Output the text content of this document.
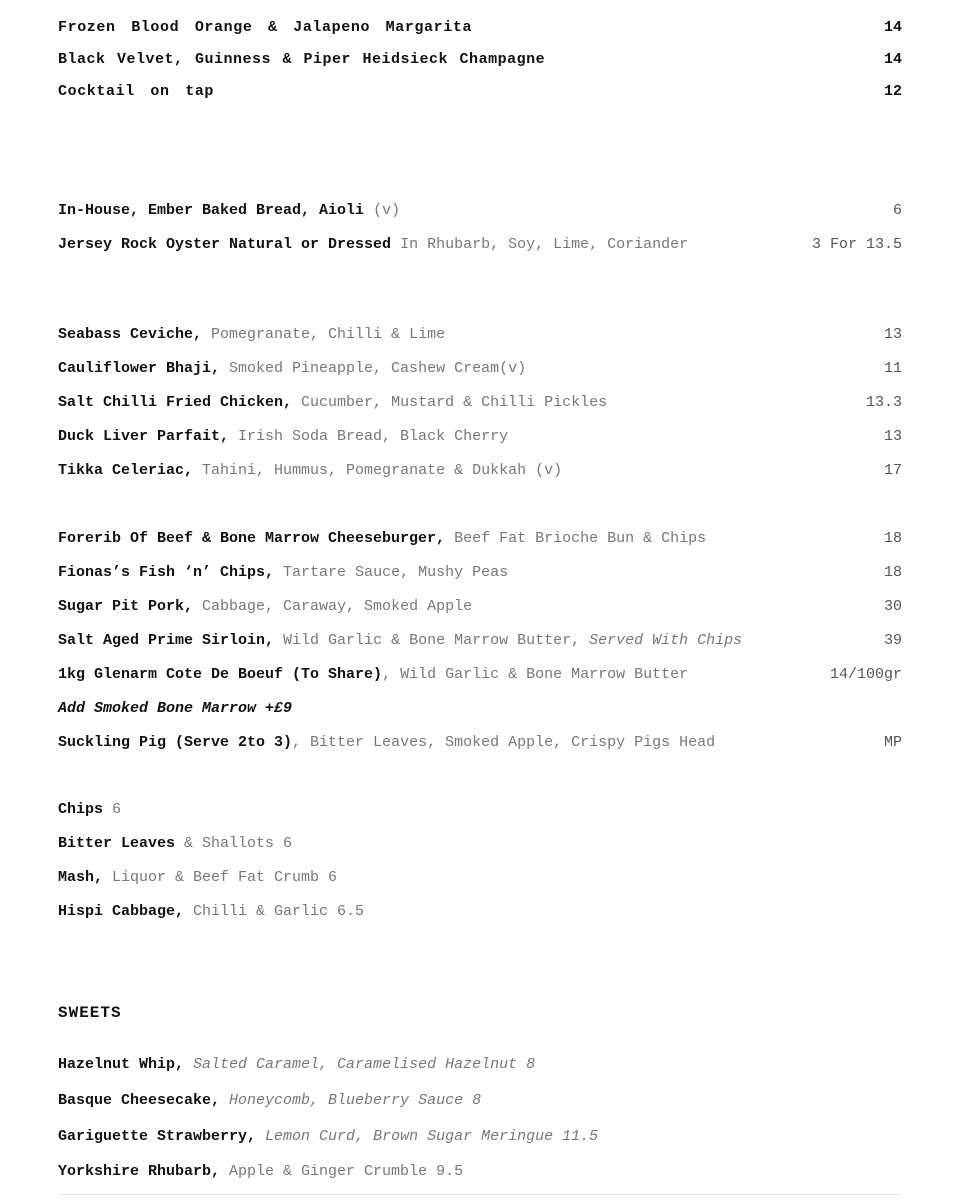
Frozen Blood Orange & Jalapeno Margarita	14
Black Velvet, Guinness & Piper Heidsieck Champagne	14
Cocktail on tap	12
In-House, Ember Baked Bread, Aioli (v)	6
Jersey Rock Oyster Natural or Dressed In Rhubarb, Soy, Lime, Coriander	3 For 13.5
Seabass Ceviche, Pomegranate, Chilli & Lime	13
Cauliflower Bhaji, Smoked Pineapple, Cashew Cream(v)	11
Salt Chilli Fried Chicken, Cucumber, Mustard & Chilli Pickles	13.3
Duck Liver Parfait, Irish Soda Bread, Black Cherry	13
Tikka Celeriac, Tahini, Hummus, Pomegranate & Dukkah (v)	17
Forerib Of Beef & Bone Marrow Cheeseburger, Beef Fat Brioche Bun & Chips	18
Fionas’s Fish ‘n’ Chips, Tartare Sauce, Mushy Peas	18
Sugar Pit Pork, Cabbage, Caraway, Smoked Apple	30
Salt Aged Prime Sirloin, Wild Garlic & Bone Marrow Butter, Served With Chips	39
1kg Glenarm Cote De Boeuf (To Share), Wild Garlic & Bone Marrow Butter	14/100gr
Add Smoked Bone Marrow +£9
Suckling Pig (Serve 2to 3), Bitter Leaves, Smoked Apple, Crispy Pigs Head	MP
Chips 6
Bitter Leaves & Shallots 6
Mash, Liquor & Beef Fat Crumb 6
Hispi Cabbage, Chilli & Garlic 6.5
SWEETS
Hazelnut Whip, Salted Caramel, Caramelised Hazelnut 8
Basque Cheesecake, Honeycomb, Blueberry Sauce 8
Gariguette Strawberry, Lemon Curd, Brown Sugar Meringue 11.5
Yorkshire Rhubarb, Apple & Ginger Crumble 9.5
